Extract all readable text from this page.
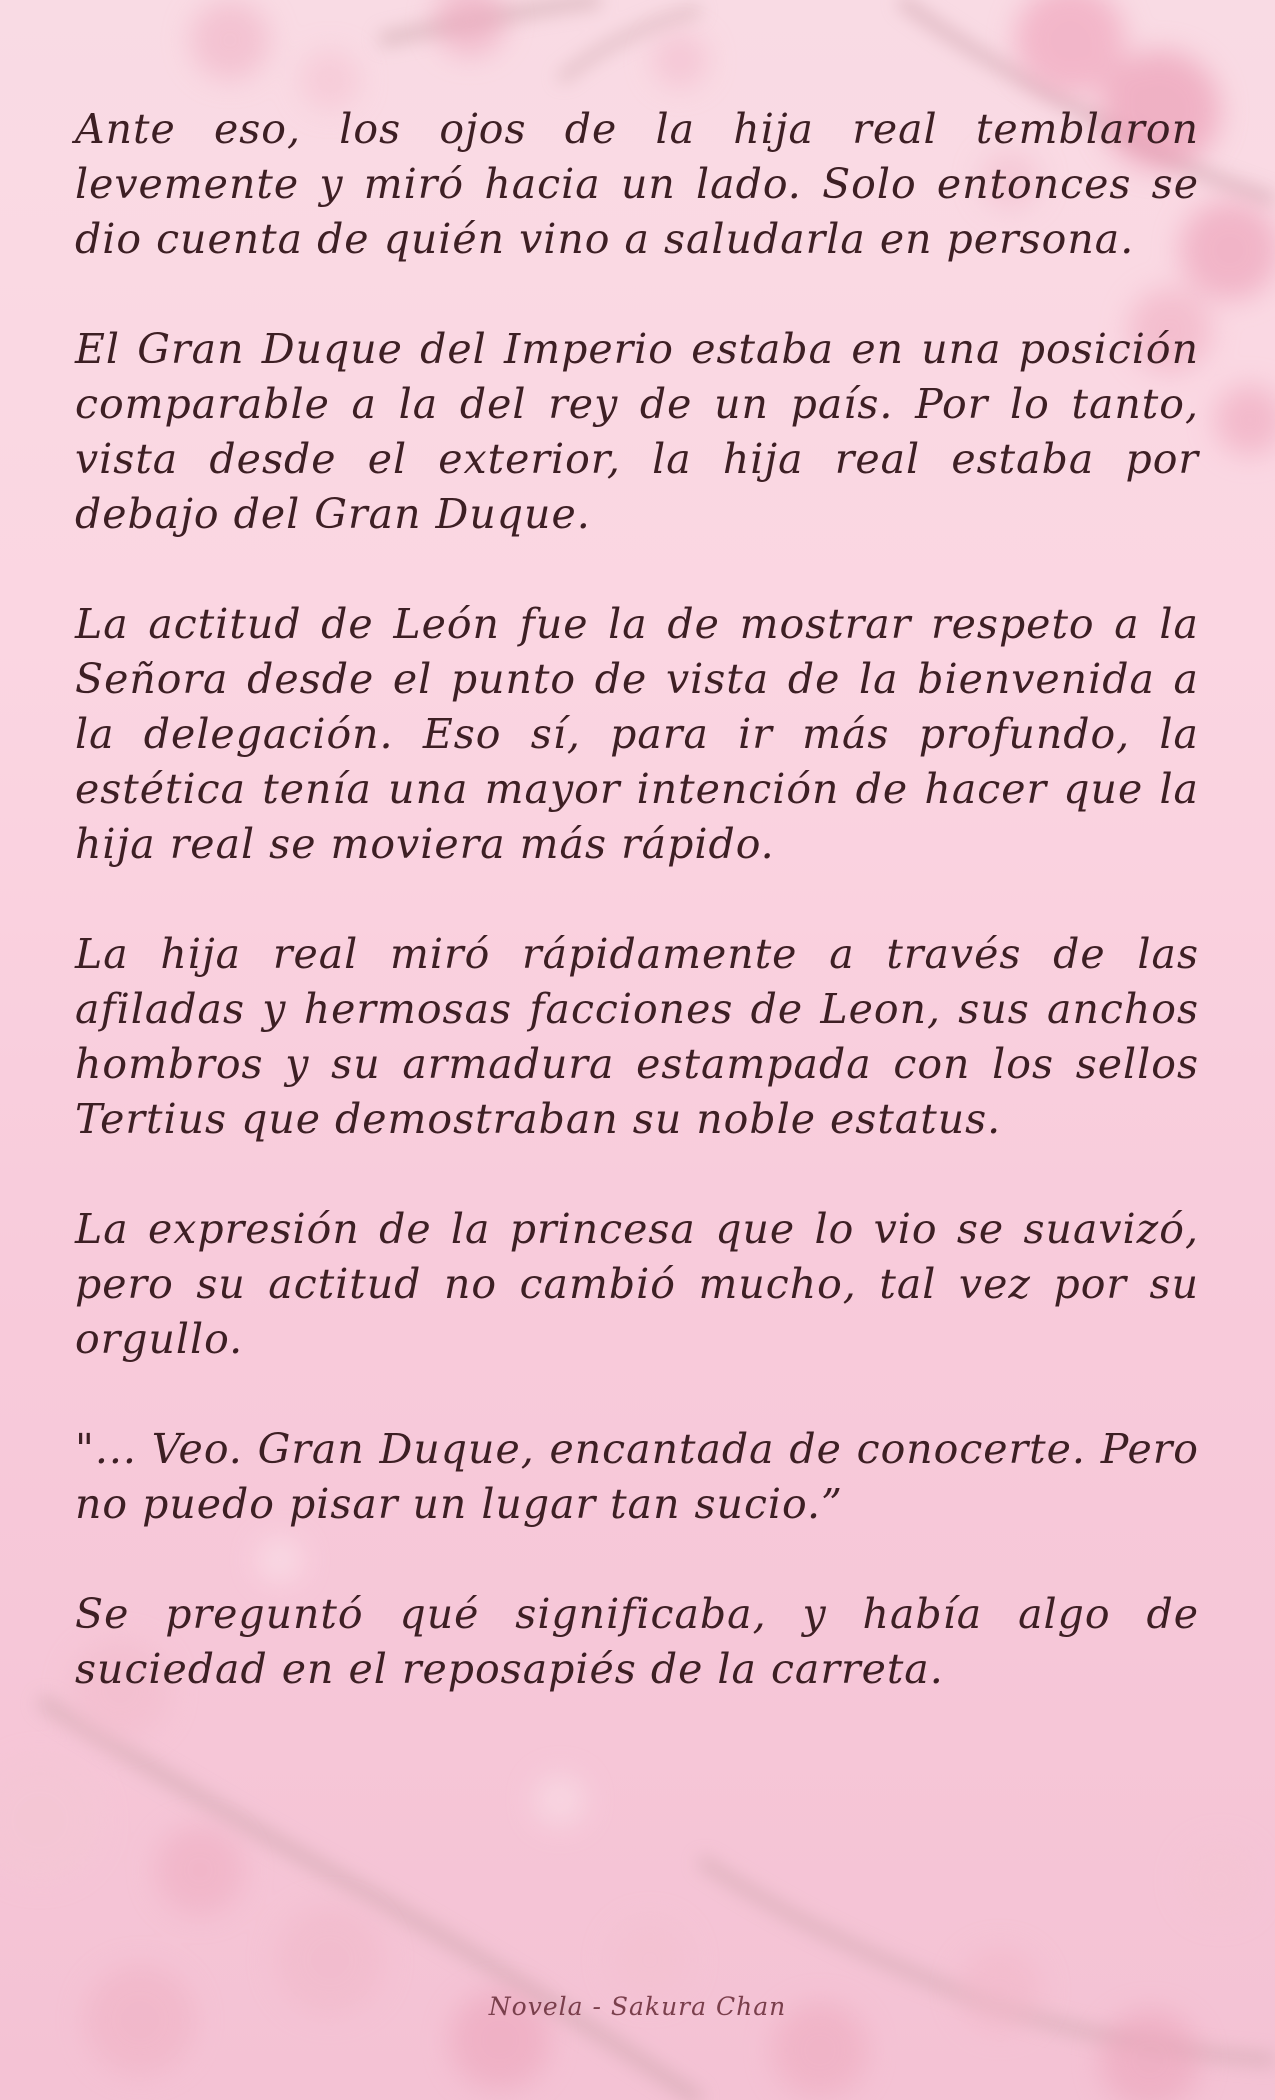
Ante eso, los ojos de la hija real temblaron levemente y miró hacia un lado. Solo entonces se dio cuenta de quién vino a saludarla en persona.

El Gran Duque del Imperio estaba en una posición comparable a la del rey de un país. Por lo tanto, vista desde el exterior, la hija real estaba por debajo del Gran Duque.

La actitud de León fue la de mostrar respeto a la Señora desde el punto de vista de la bienvenida a la delegación. Eso sí, para ir más profundo, la estética tenía una mayor intención de hacer que la hija real se moviera más rápido.

La hija real miró rápidamente a través de las afiladas y hermosas facciones de Leon, sus anchos hombros y su armadura estampada con los sellos Tertius que demostraban su noble estatus.

La expresión de la princesa que lo vio se suavizó, pero su actitud no cambió mucho, tal vez por su orgullo.

"... Veo. Gran Duque, encantada de conocerte. Pero no puedo pisar un lugar tan sucio.”

Se preguntó qué significaba, y había algo de suciedad en el reposapiés de la carreta.

Novela - Sakura Chan
